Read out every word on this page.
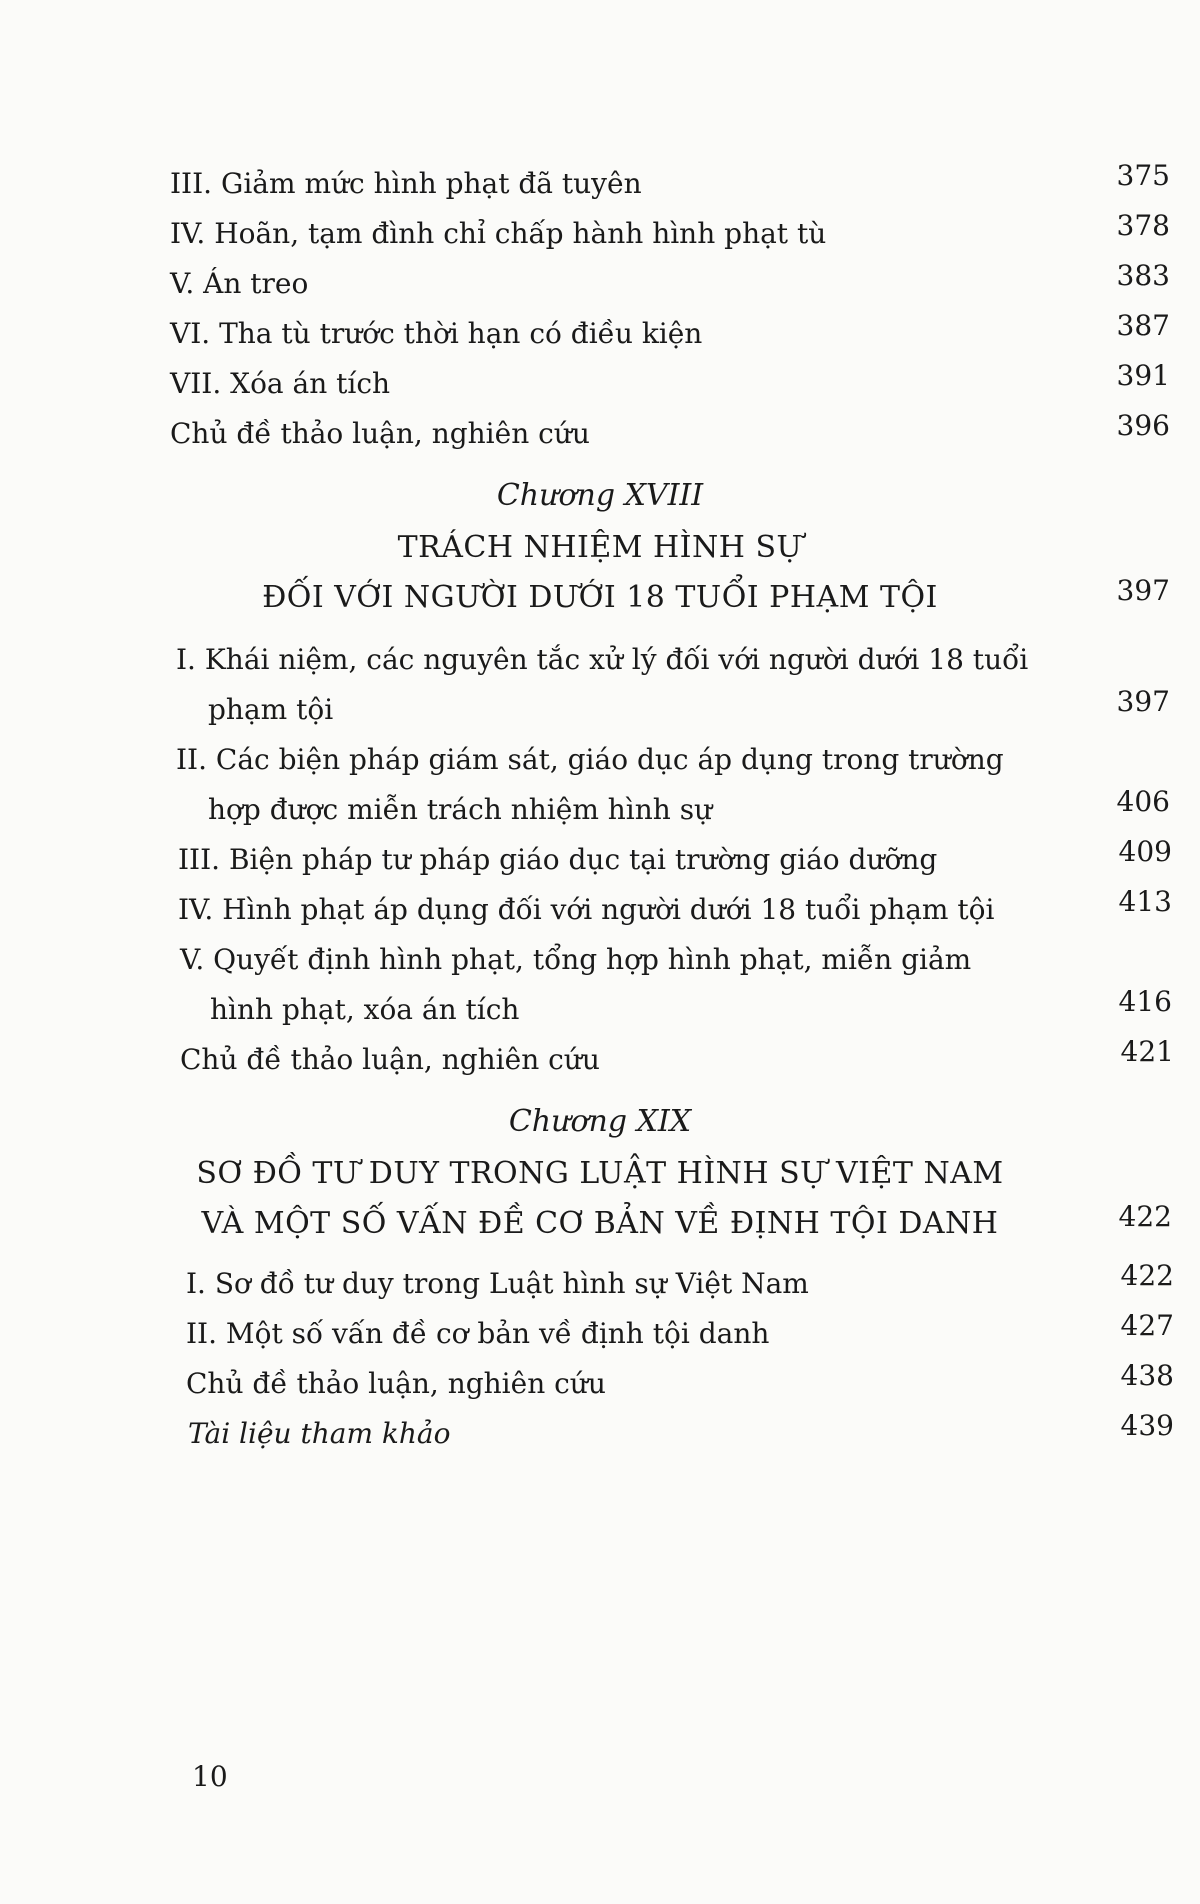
III. Giảm mức hình phạt đã tuyên	375
IV. Hoãn, tạm đình chỉ chấp hành hình phạt tù	378
V. Án treo	383
VI. Tha tù trước thời hạn có điều kiện	387
VII. Xóa án tích	391
Chủ đề thảo luận, nghiên cứu	396
Chương XVIII
TRÁCH NHIỆM HÌNH SỰ
ĐỐI VỚI NGƯỜI DƯỚI 18 TUỔI PHẠM TỘI	397
I. Khái niệm, các nguyên tắc xử lý đối với người dưới 18 tuổi
phạm tội	397
II. Các biện pháp giám sát, giáo dục áp dụng trong trường
hợp được miễn trách nhiệm hình sự	406
III. Biện pháp tư pháp giáo dục tại trường giáo dưỡng	409
IV. Hình phạt áp dụng đối với người dưới 18 tuổi phạm tội	413
V. Quyết định hình phạt, tổng hợp hình phạt, miễn giảm
hình phạt, xóa án tích	416
Chủ đề thảo luận, nghiên cứu	421
Chương XIX
SƠ ĐỒ TƯ DUY TRONG LUẬT HÌNH SỰ VIỆT NAM
VÀ MỘT SỐ VẤN ĐỀ CƠ BẢN VỀ ĐỊNH TỘI DANH	422
I. Sơ đồ tư duy trong Luật hình sự Việt Nam	422
II. Một số vấn đề cơ bản về định tội danh	427
Chủ đề thảo luận, nghiên cứu	438
Tài liệu tham khảo	439
10
